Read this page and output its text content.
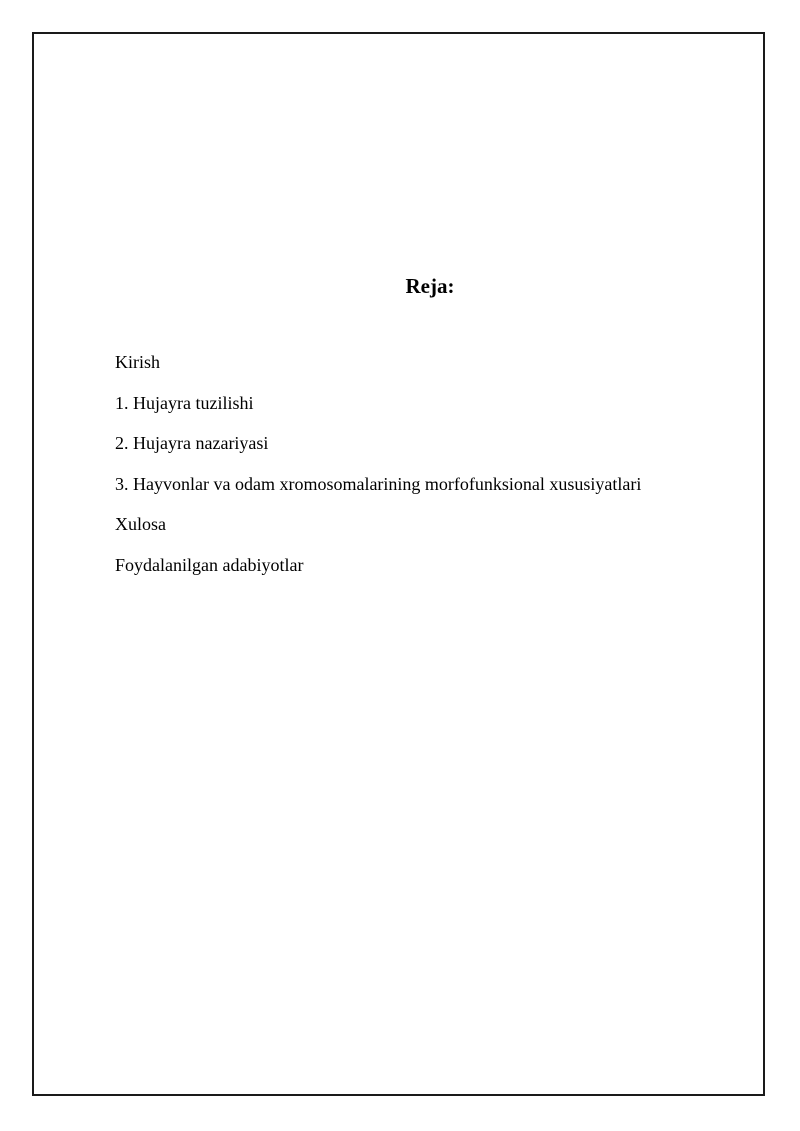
Reja:
Kirish
1. Hujayra tuzilishi
2. Hujayra nazariyasi
3. Hayvonlar va odam xromosomalarining morfofunksional xususiyatlari
Xulosa
Foydalanilgan adabiyotlar
